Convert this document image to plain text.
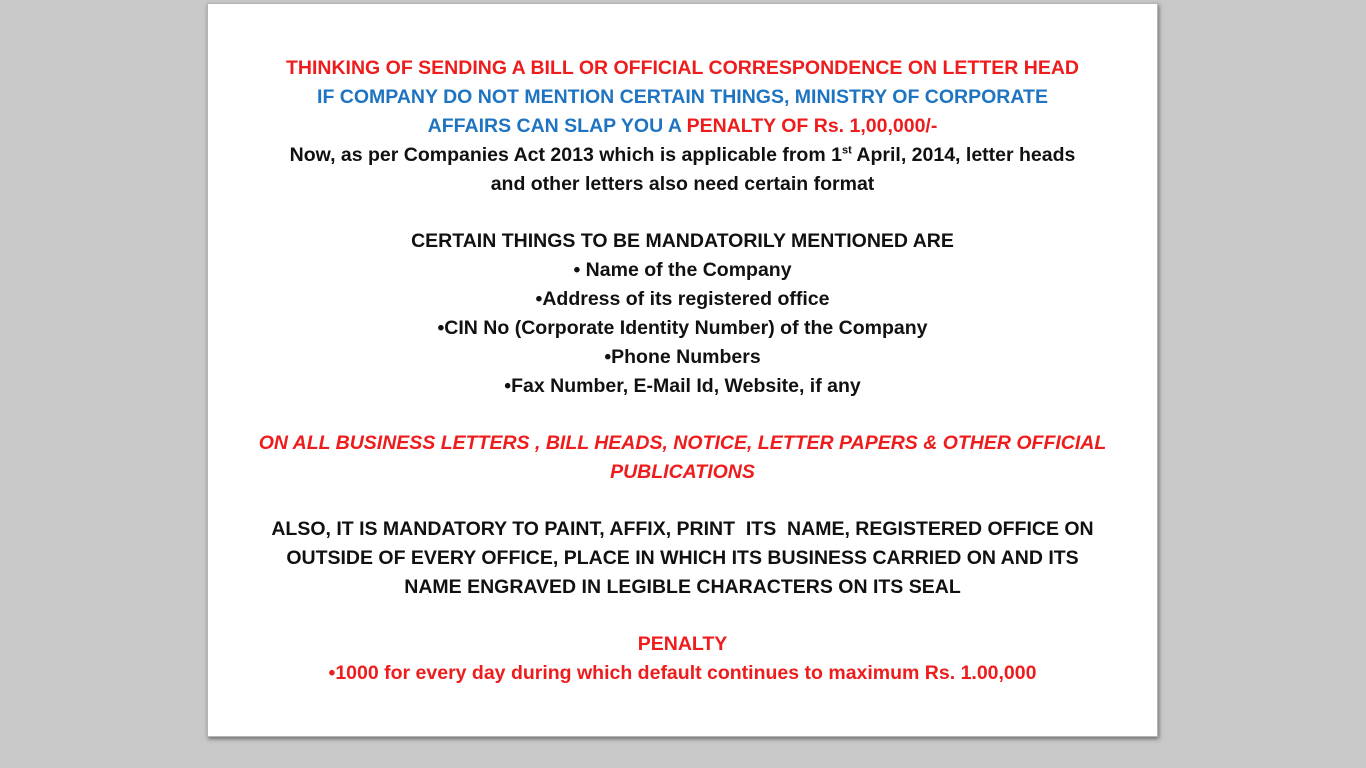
THINKING OF SENDING A BILL OR OFFICIAL CORRESPONDENCE ON LETTER HEAD
IF COMPANY DO NOT MENTION CERTAIN THINGS, MINISTRY OF CORPORATE
AFFAIRS CAN SLAP YOU A PENALTY OF Rs. 1,00,000/-
Now, as per Companies Act 2013 which is applicable from 1st April, 2014, letter heads
and other letters also need certain format
CERTAIN THINGS TO BE MANDATORILY MENTIONED ARE
• Name of the Company
•Address of its registered office
•CIN No (Corporate Identity Number) of the Company
•Phone Numbers
•Fax Number, E-Mail Id, Website, if any
ON ALL BUSINESS LETTERS , BILL HEADS, NOTICE, LETTER PAPERS & OTHER OFFICIAL
PUBLICATIONS
ALSO, IT IS MANDATORY TO PAINT, AFFIX, PRINT  ITS  NAME, REGISTERED OFFICE ON
OUTSIDE OF EVERY OFFICE, PLACE IN WHICH ITS BUSINESS CARRIED ON AND ITS
NAME ENGRAVED IN LEGIBLE CHARACTERS ON ITS SEAL
PENALTY
•1000 for every day during which default continues to maximum Rs. 1.00,000
